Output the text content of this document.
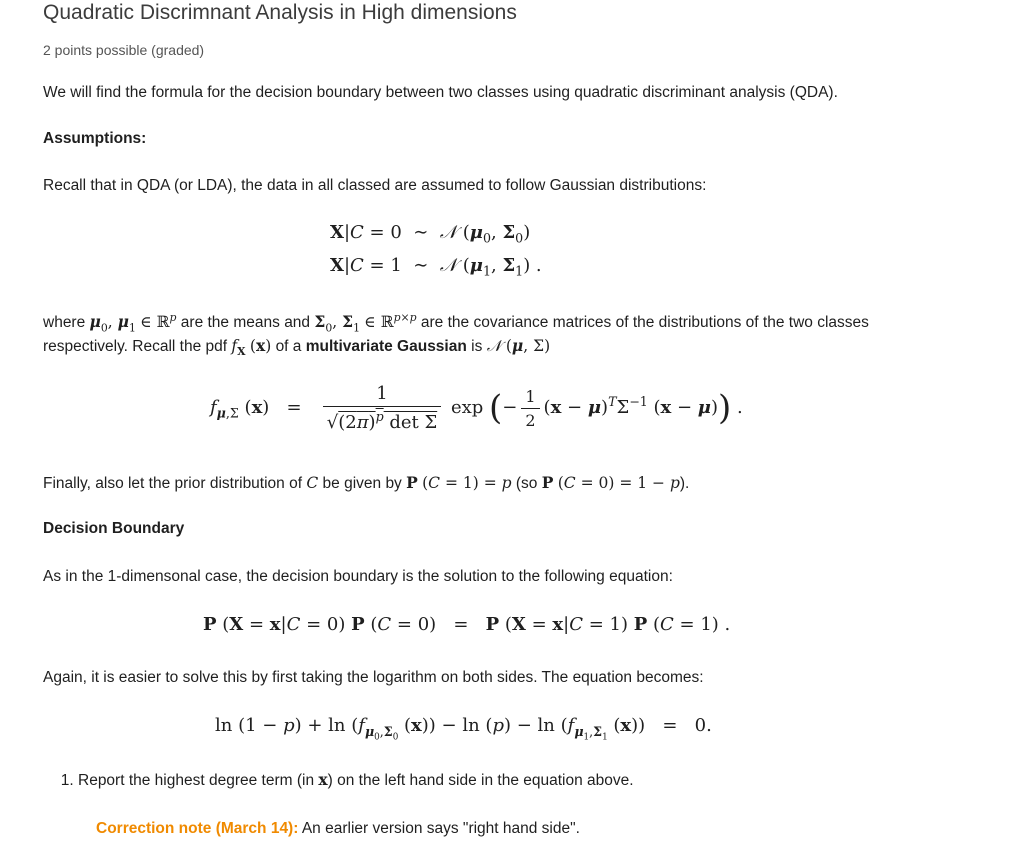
Quadratic Discrimnant Analysis in High dimensions
2 points possible (graded)
We will find the formula for the decision boundary between two classes using quadratic discriminant analysis (QDA).
Assumptions:
Recall that in QDA (or LDA), the data in all classed are assumed to follow Gaussian distributions:
X|C = 0  ∼  𝒩 ($\mu_0$, $\Sigma_0$)
X|C = 1  ∼  𝒩 ($\mu_1$, $\Sigma_1$) .
where $\mu_0$, $\mu_1$ ∈ ℝ$^p$ are the means and $\Sigma_0$, $\Sigma_1$ ∈ ℝ$^{p\times p}$ are the covariance matrices of the distributions of the two classes
respectively. Recall the pdf $f_X$ (x) of a multivariate Gaussian is 𝒩 (μ, Σ)
$f_{\mu,\Sigma}$ $(x) = \frac{1}{√(2\pi)^p \det \Sigma}$ exp (− $\frac{1}{2} (x - \mu)^T\Sigma^{-1}$ (x − μ)) .
Finally, also let the prior distribution of C be given by P (C = 1) = p (so P (C = 0) = 1 − p).
Decision Boundary
As in the 1-dimensonal case, the decision boundary is the solution to the following equation:
P (X = x|C = 0) P (C = 0)   =   P (X = x|C = 1) P (C = 1) .
Again, it is easier to solve this by first taking the logarithm on both sides. The equation becomes:
$\ln (1 - p) + \ln (f_{\mu_0,\Sigma_0}$ $(x)) - \ln (p) - \ln (f_{\mu_1,\Sigma_1}$ (x))   =   0.
1. Report the highest degree term (in x) on the left hand side in the equation above.
Correction note (March 14): An earlier version says "right hand side".
